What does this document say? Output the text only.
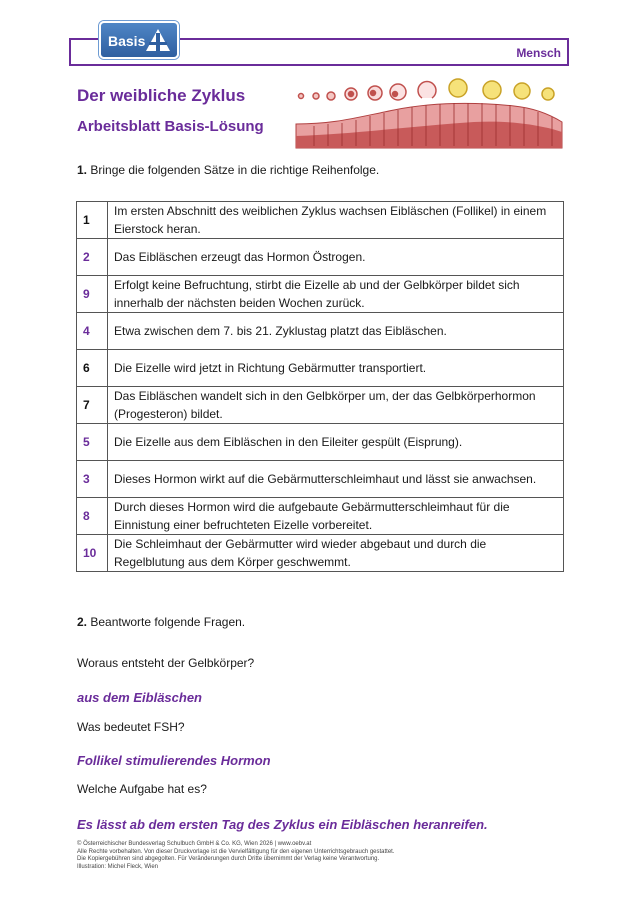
Mensch
Basis
Der weibliche Zyklus
Arbeitsblatt Basis-Lösung
1. Bringe die folgenden Sätze in die richtige Reihenfolge.
1	Im ersten Abschnitt des weiblichen Zyklus wachsen Eibläschen (Follikel) in einem Eierstock heran.
2	Das Eibläschen erzeugt das Hormon Östrogen.
9	Erfolgt keine Befruchtung, stirbt die Eizelle ab und der Gelbkörper bildet sich innerhalb der nächsten beiden Wochen zurück.
4	Etwa zwischen dem 7. bis 21. Zyklustag platzt das Eibläschen.
6	Die Eizelle wird jetzt in Richtung Gebärmutter transportiert.
7	Das Eibläschen wandelt sich in den Gelbkörper um, der das Gelbkörperhormon (Progesteron) bildet.
5	Die Eizelle aus dem Eibläschen in den Eileiter gespült (Eisprung).
3	Dieses Hormon wirkt auf die Gebärmutterschleimhaut und lässt sie anwachsen.
8	Durch dieses Hormon wird die aufgebaute Gebärmutterschleimhaut für die Einnistung einer befruchteten Eizelle vorbereitet.
10	Die Schleimhaut der Gebärmutter wird wieder abgebaut und durch die Regelblutung aus dem Körper geschwemmt.
2. Beantworte folgende Fragen.
Woraus entsteht der Gelbkörper?
aus dem Eibläschen
Was bedeutet FSH?
Follikel stimulierendes Hormon
Welche Aufgabe hat es?
Es lässt ab dem ersten Tag des Zyklus ein Eibläschen heranreifen.
© Österreichischer Bundesverlag Schulbuch GmbH & Co. KG, Wien 2026 | www.oebv.at
Alle Rechte vorbehalten. Von dieser Druckvorlage ist die Vervielfältigung für den eigenen Unterrichtsgebrauch gestattet.
Die Kopiergebühren sind abgegolten. Für Veränderungen durch Dritte übernimmt der Verlag keine Verantwortung.
Illustration: Michel Fleck, Wien
